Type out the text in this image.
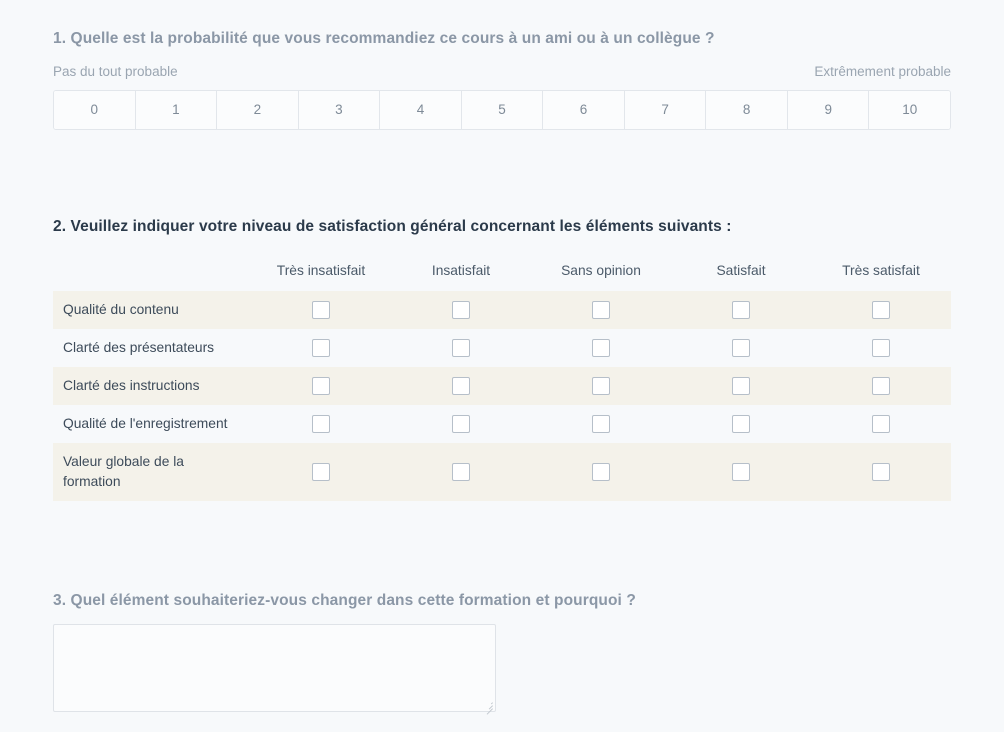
1. Quelle est la probabilité que vous recommandiez ce cours à un ami ou à un collègue ?

Pas du tout probable	Extrêmement probable
0	1	2	3	4	5	6	7	8	9	10

2. Veuillez indiquer votre niveau de satisfaction général concernant les éléments suivants :

	Très insatisfait	Insatisfait	Sans opinion	Satisfait	Très satisfait
Qualité du contenu					
Clarté des présentateurs					
Clarté des instructions					
Qualité de l'enregistrement					
Valeur globale de la formation					

3. Quel élément souhaiteriez-vous changer dans cette formation et pourquoi ?
